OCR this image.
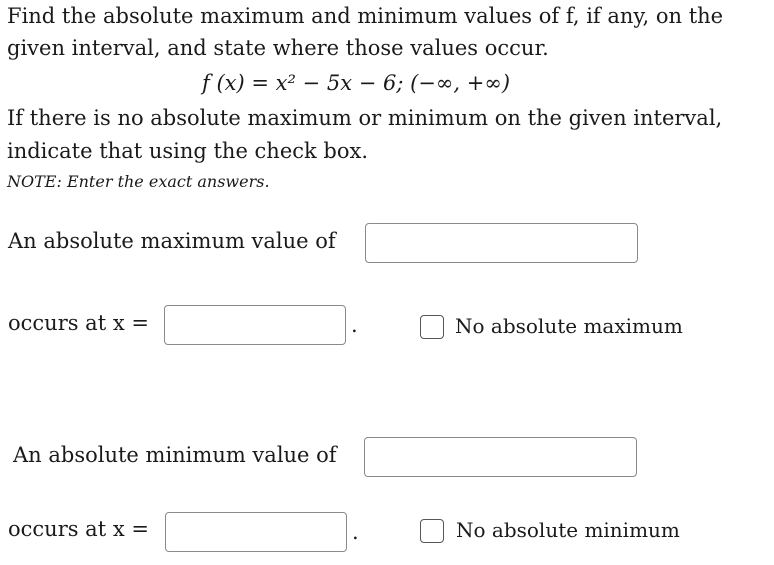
Find the absolute maximum and minimum values of f, if any, on the
given interval, and state where those values occur.
f (x) = x² − 5x − 6; (−∞, +∞)
If there is no absolute maximum or minimum on the given interval,
indicate that using the check box.
NOTE: Enter the exact answers.
An absolute maximum value of
occurs at x =	.	No absolute maximum
An absolute minimum value of
occurs at x =	.	No absolute minimum
